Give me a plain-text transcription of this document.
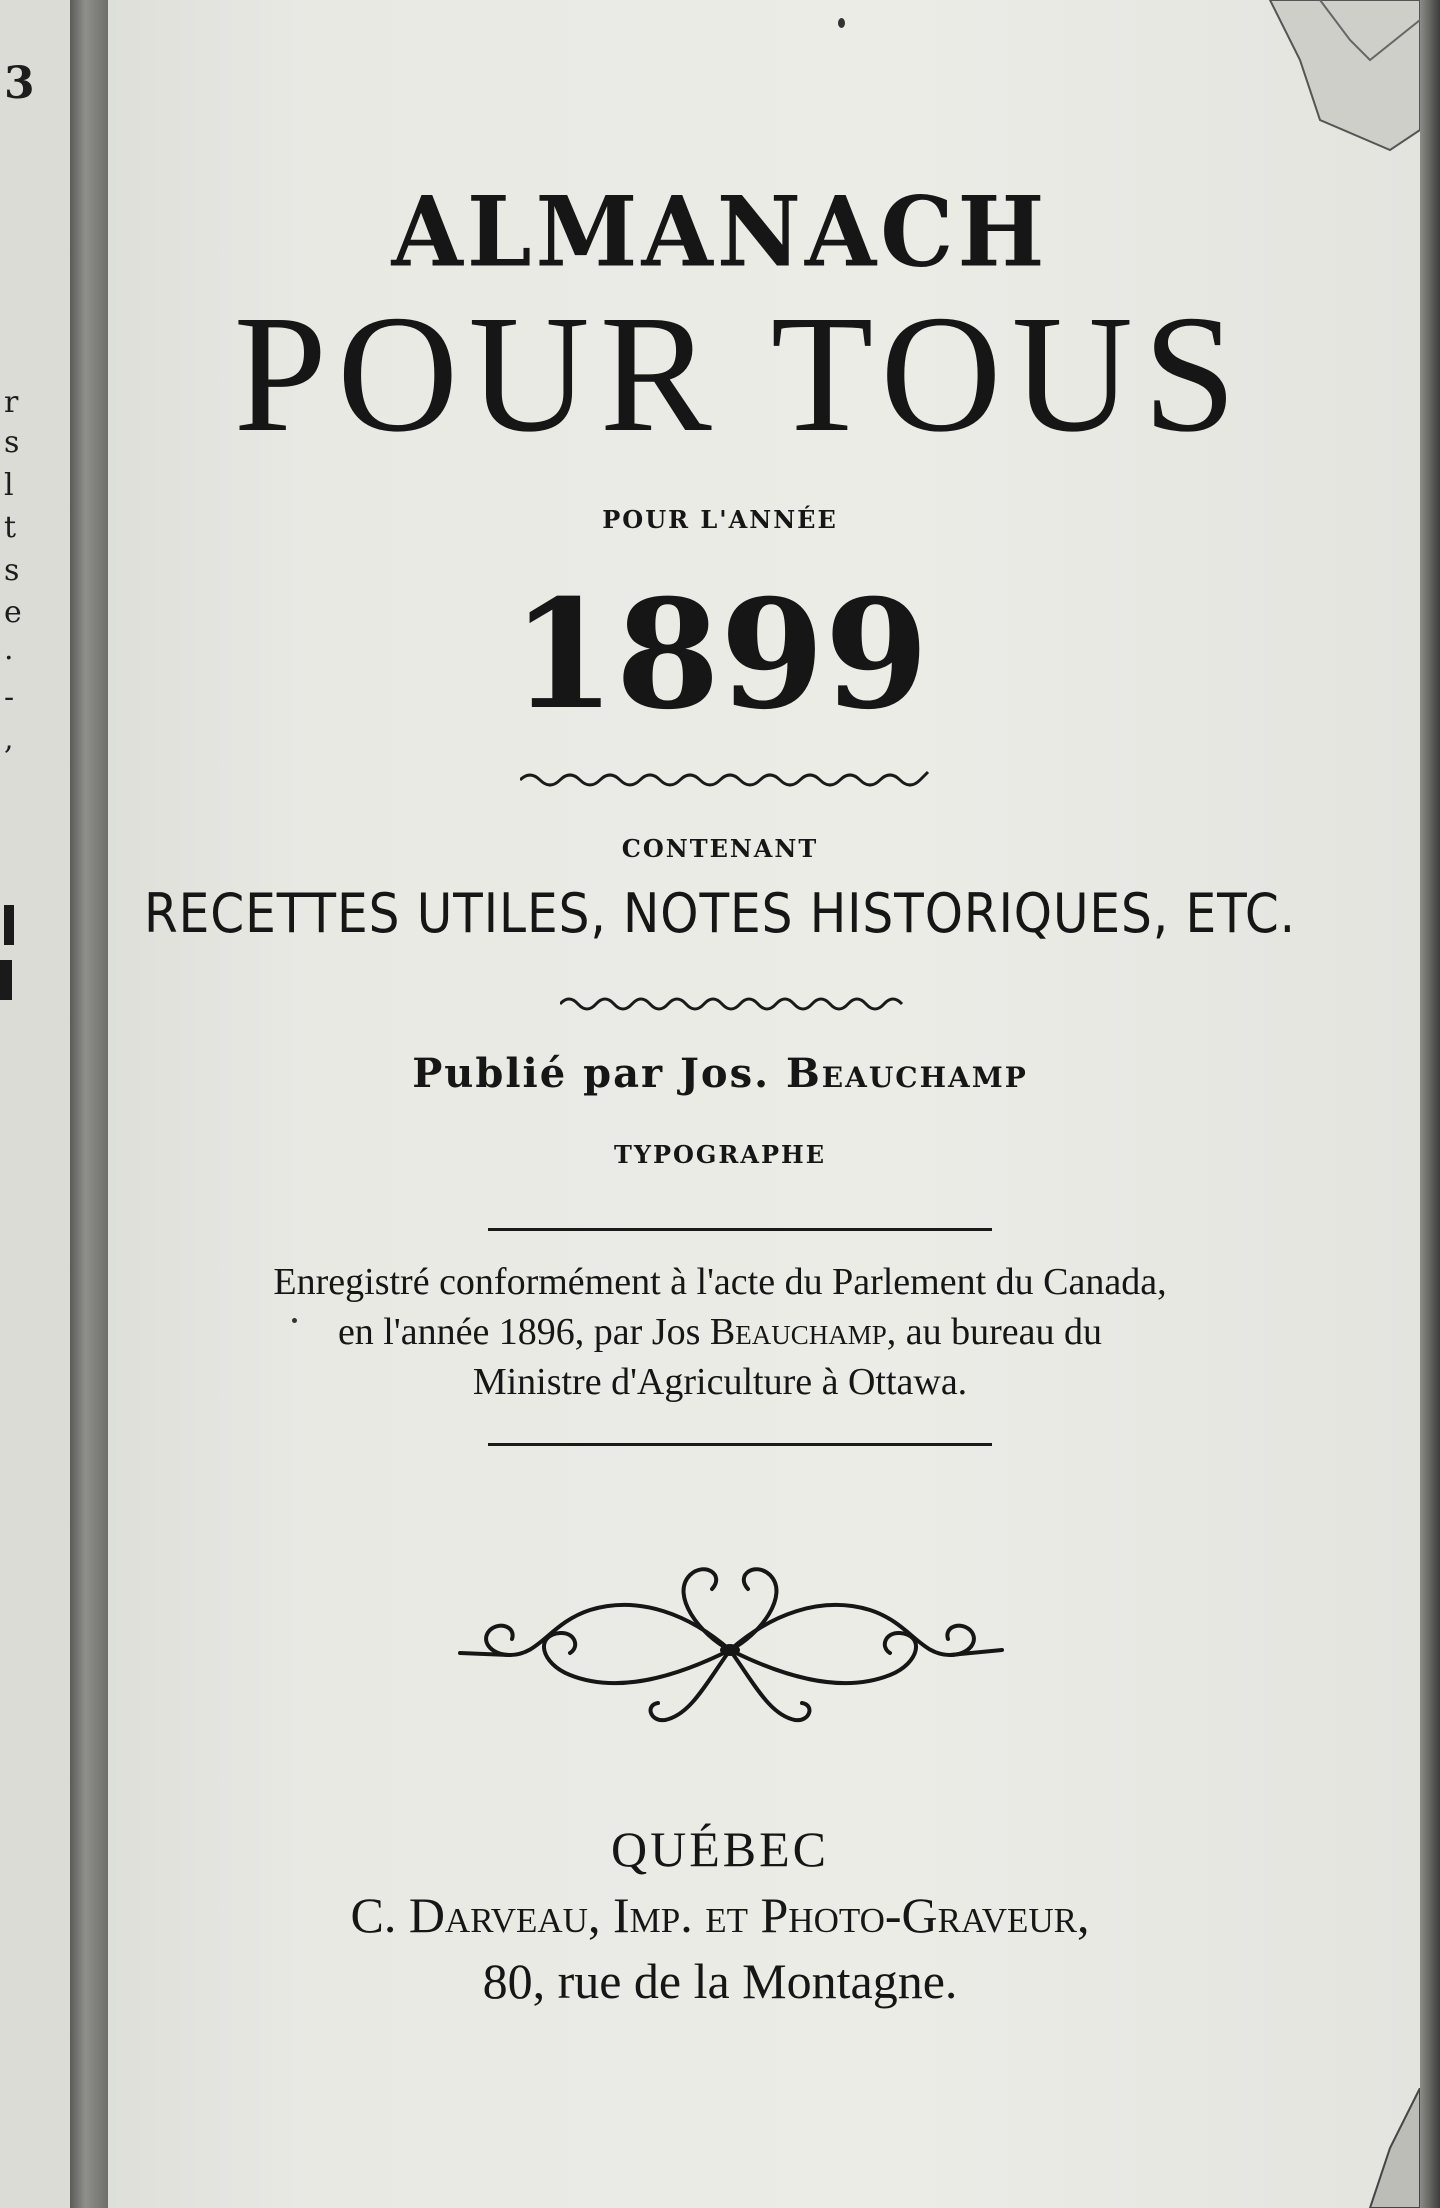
3
r
s
l
t
s
e
.
-
,
ALMANACH
POUR TOUS
POUR L'ANNÉE
1899
CONTENANT
RECETTES UTILES, NOTES HISTORIQUES, ETC.
Publié par Jos. Beauchamp
TYPOGRAPHE
Enregistré conformément à l'acte du Parlement du Canada,
en l'année 1896, par Jos Beauchamp, au bureau du
Ministre d'Agriculture à Ottawa.
QUÉBEC
C. Darveau, Imp. et Photo-Graveur,
80, rue de la Montagne.
